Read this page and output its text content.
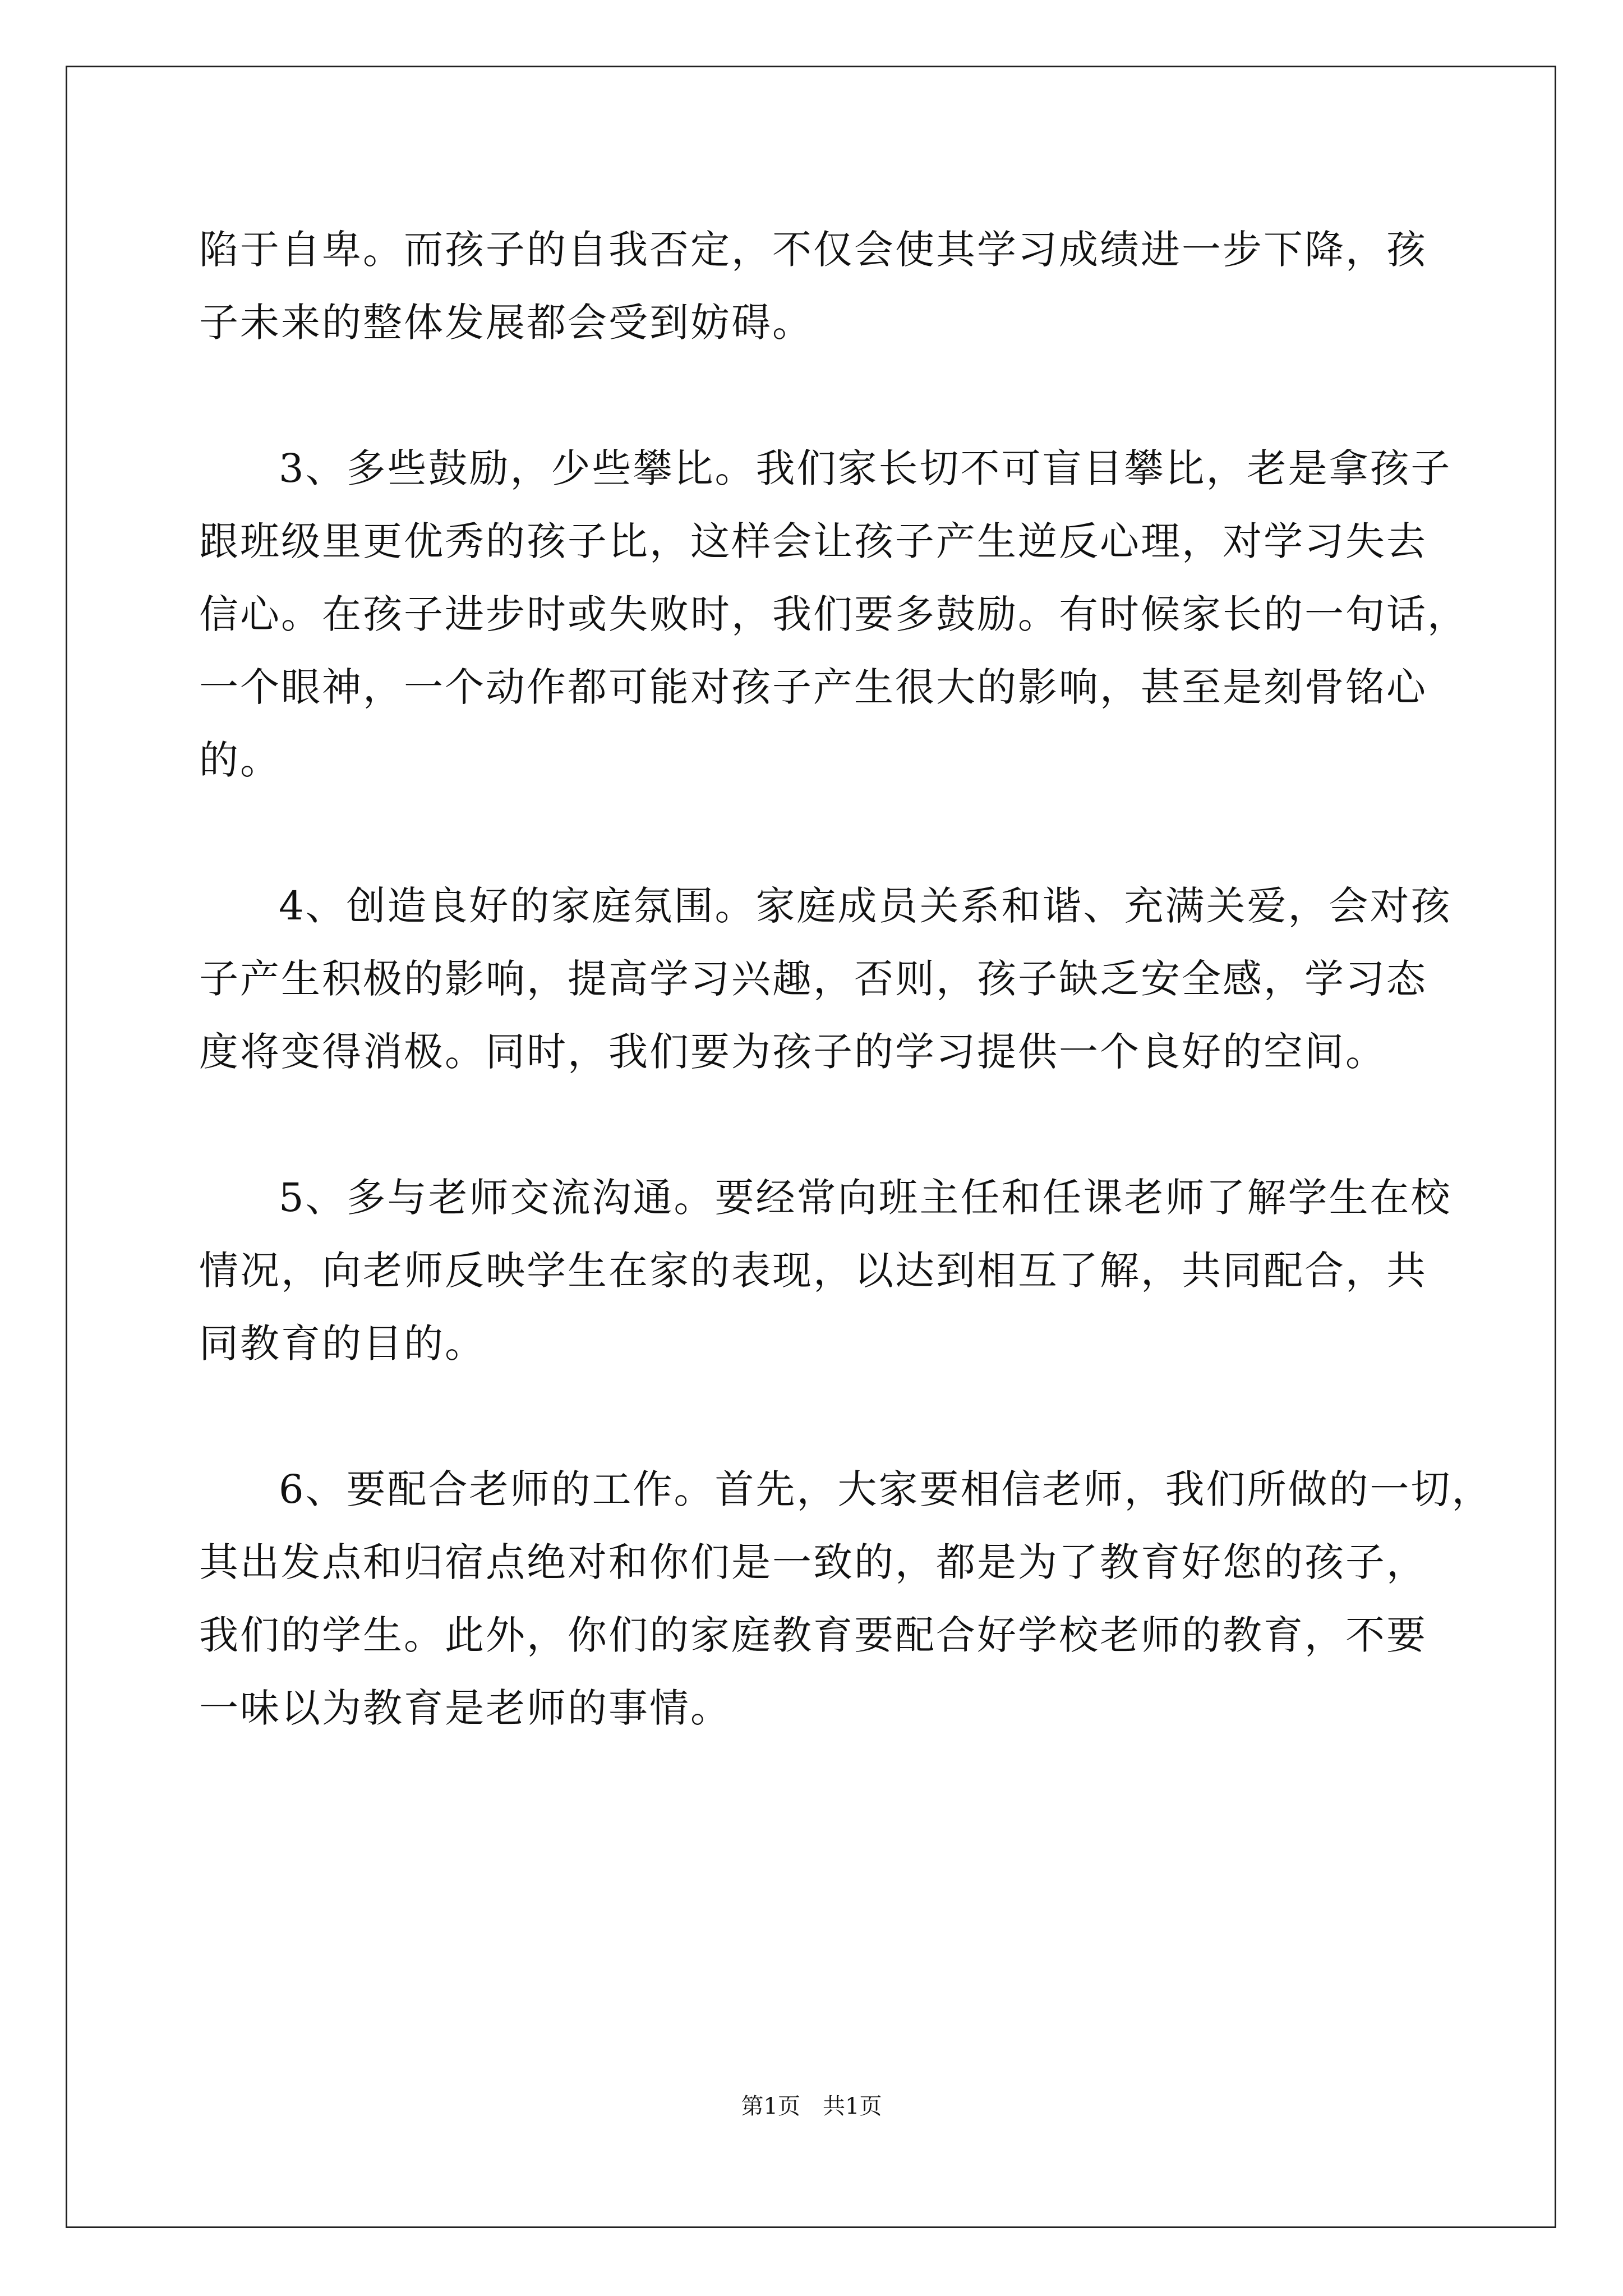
陷于自卑。而孩子的自我否定，不仅会使其学习成绩进一步下降，孩
子未来的整体发展都会受到妨碍。
3、多些鼓励，少些攀比。我们家长切不可盲目攀比，老是拿孩子
跟班级里更优秀的孩子比，这样会让孩子产生逆反心理，对学习失去
信心。在孩子进步时或失败时，我们要多鼓励。有时候家长的一句话，
一个眼神，一个动作都可能对孩子产生很大的影响，甚至是刻骨铭心
的。
4、创造良好的家庭氛围。家庭成员关系和谐、充满关爱，会对孩
子产生积极的影响，提高学习兴趣，否则，孩子缺乏安全感，学习态
度将变得消极。同时，我们要为孩子的学习提供一个良好的空间。
5、多与老师交流沟通。要经常向班主任和任课老师了解学生在校
情况，向老师反映学生在家的表现，以达到相互了解，共同配合，共
同教育的目的。
6、要配合老师的工作。首先，大家要相信老师，我们所做的一切，
其出发点和归宿点绝对和你们是一致的，都是为了教育好您的孩子，
我们的学生。此外，你们的家庭教育要配合好学校老师的教育，不要
一味以为教育是老师的事情。
第1页　共1页
